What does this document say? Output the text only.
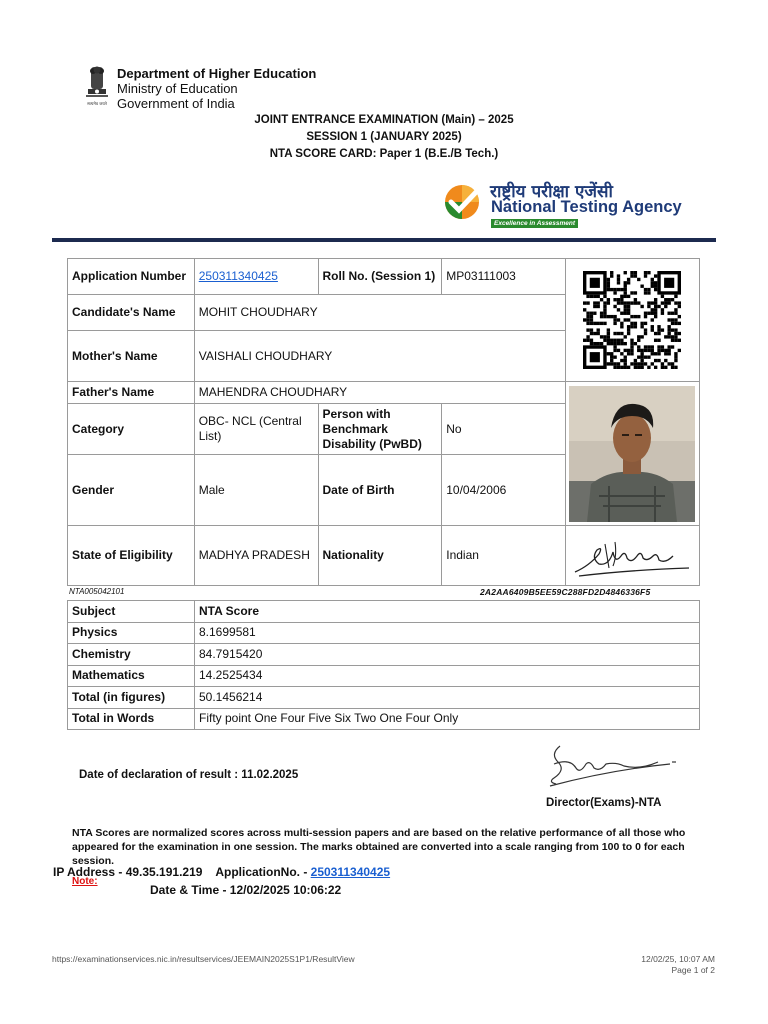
सत्यमेव जयते
Department of Higher Education
Ministry of Education
Government of India
JOINT ENTRANCE EXAMINATION (Main) – 2025
SESSION 1 (JANUARY 2025)
NTA SCORE CARD: Paper 1 (B.E./B Tech.)
राष्ट्रीय परीक्षा एजेंसी
National Testing Agency
Excellence in Assessment
Application Number	250311340425	Roll No. (Session 1)	MP03111003	

Candidate's Name	MOHIT CHOUDHARY			
Mother's Name	VAISHALI CHOUDHARY			
Father's Name	MAHENDRA CHOUDHARY	

Category	OBC- NCL (Central List)	Person with Benchmark Disability (PwBD)	No	
Gender	Male	Date of Birth	10/04/2006	
State of Eligibility	MADHYA PRADESH	Nationality	Indian	
NTA005042101	2A2AA6409B5EE59C288FD2D4846336F5
Subject	NTA Score
Physics	8.1699581
Chemistry	84.7915420
Mathematics	14.2525434
Total (in figures)	50.1456214
Total in Words	Fifty point One Four Five Six Two One Four Only
Date of declaration of result : 11.02.2025
Director(Exams)-NTA
NTA Scores are normalized scores across multi-session papers and are based on the relative performance of all those who appeared for the examination in one session. The marks obtained are converted into a scale ranging from 100 to 0 for each session.
IP Address - 49.35.191.219    ApplicationNo. - 250311340425
Note:
Date & Time - 12/02/2025 10:06:22
https://examinationservices.nic.in/resultservices/JEEMAIN2025S1P1/ResultView	12/02/25, 10:07 AM
Page 1 of 2
